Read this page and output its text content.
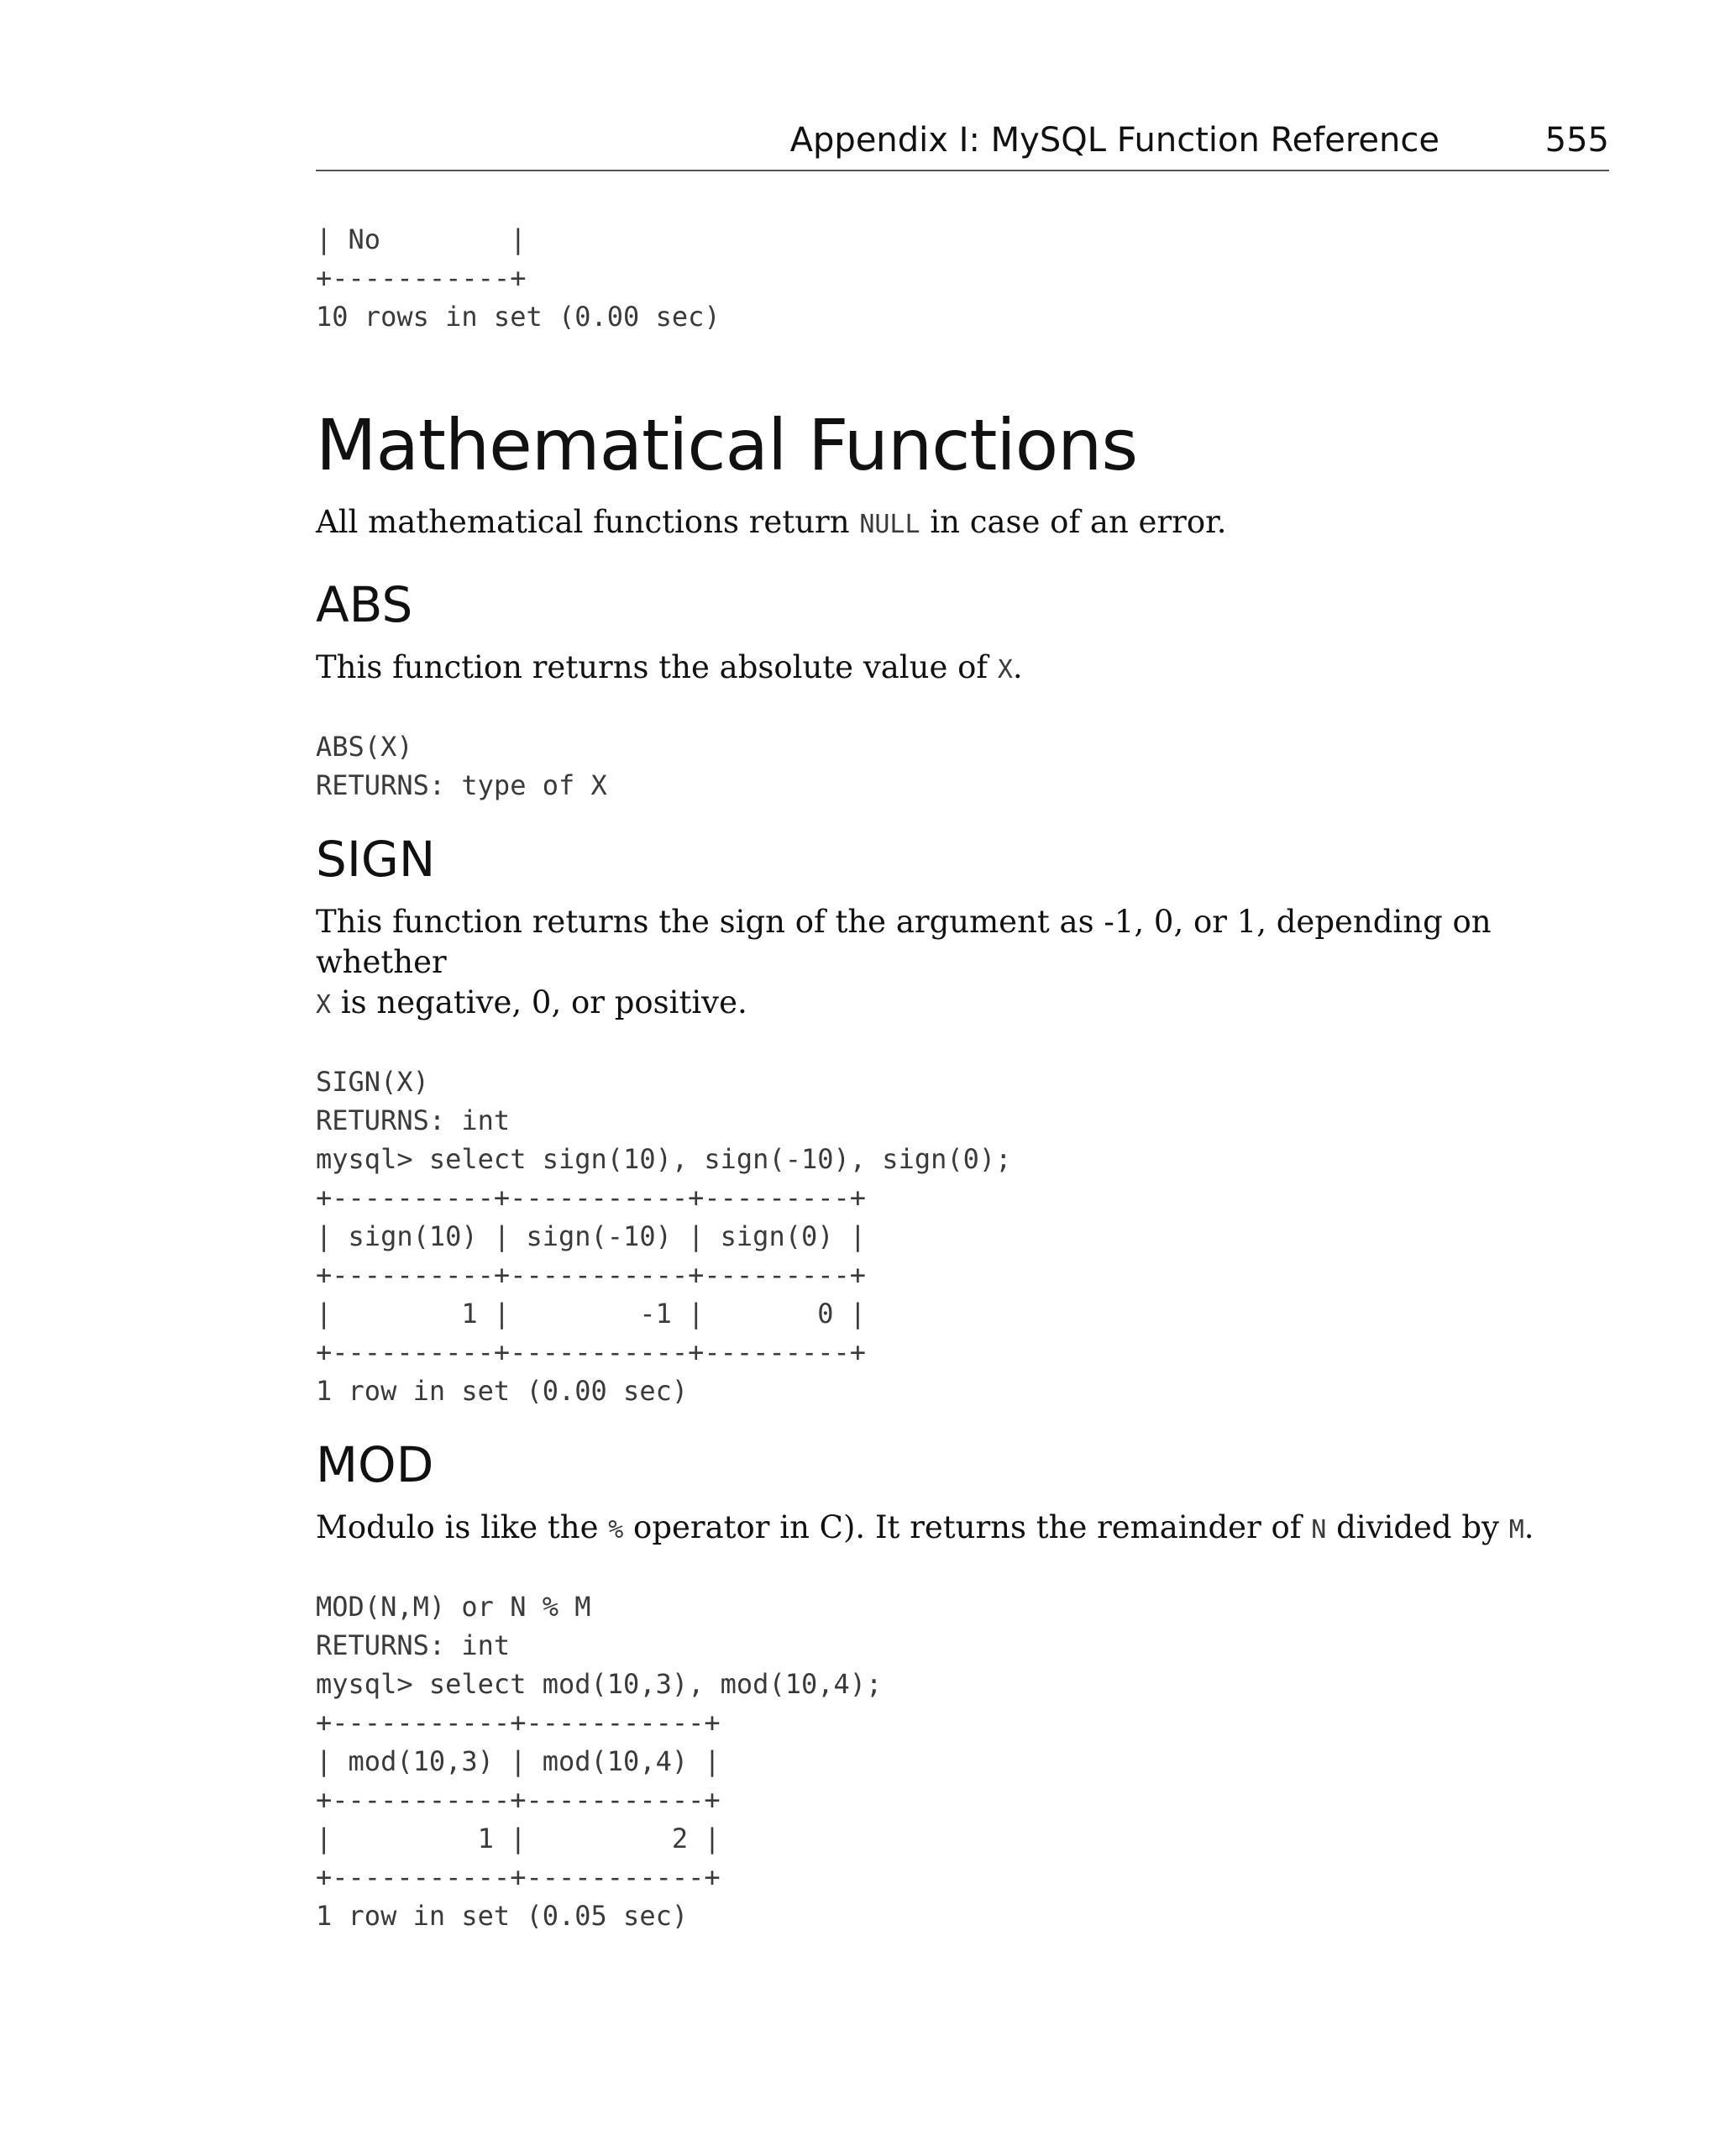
Appendix I: MySQL Function Reference	555
| No        |
+-----------+
10 rows in set (0.00 sec)
Mathematical Functions

All mathematical functions return NULL in case of an error.

ABS

This function returns the absolute value of X.

ABS(X)
RETURNS: type of X
SIGN

This function returns the sign of the argument as -1, 0, or 1, depending on whether
X is negative, 0, or positive.

SIGN(X)
RETURNS: int
mysql> select sign(10), sign(-10), sign(0);
+----------+-----------+---------+
| sign(10) | sign(-10) | sign(0) |
+----------+-----------+---------+
|        1 |        -1 |       0 |
+----------+-----------+---------+
1 row in set (0.00 sec)
MOD

Modulo is like the % operator in C). It returns the remainder of N divided by M.

MOD(N,M) or N % M
RETURNS: int
mysql> select mod(10,3), mod(10,4);
+-----------+-----------+
| mod(10,3) | mod(10,4) |
+-----------+-----------+
|         1 |         2 |
+-----------+-----------+
1 row in set (0.05 sec)
